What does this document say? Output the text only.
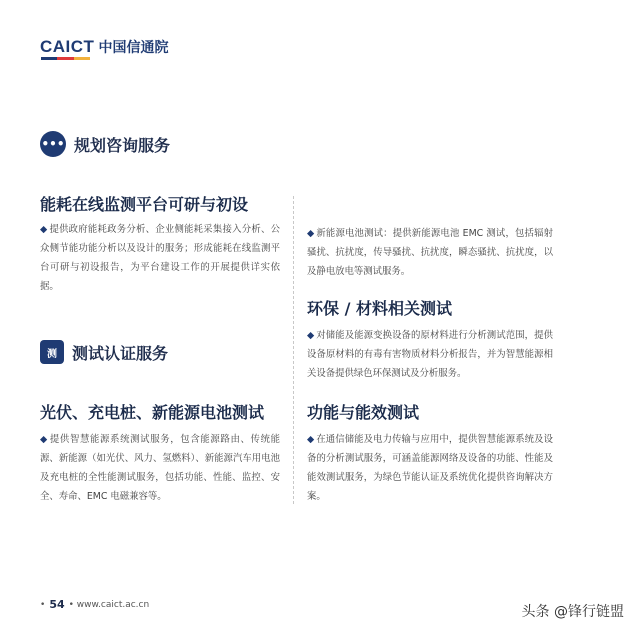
CAICT 中国信通院
••• 规划咨询服务
能耗在线监测平台可研与初设
◆ 提供政府能耗政务分析、企业侧能耗采集接入分析、公众侧节能功能分析以及设计的服务；形成能耗在线监测平台可研与初设报告，为平台建设工作的开展提供详实依据。
测 测试认证服务
光伏、充电桩、新能源电池测试
◆ 提供智慧能源系统测试服务，包含能源路由、传统能源、新能源（如光伏、风力、氢燃料）、新能源汽车用电池及充电桩的全性能测试服务，包括功能、性能、监控、安全、寿命、EMC 电磁兼容等。
◆ 新能源电池测试：提供新能源电池 EMC 测试，包括辐射骚扰、抗扰度，传导骚扰、抗扰度，瞬态骚扰、抗扰度，以及静电放电等测试服务。
环保 / 材料相关测试
◆ 对储能及能源变换设备的原材料进行分析测试范围，提供设备原材料的有毒有害物质材料分析报告，并为智慧能源相关设备提供绿色环保测试及分析服务。
功能与能效测试
◆ 在通信储能及电力传输与应用中，提供智慧能源系统及设备的分析测试服务，可涵盖能源网络及设备的功能、性能及能效测试服务，为绿色节能认证及系统优化提供咨询解决方案。
• 54 • www.caict.ac.cn	头条 @锋行链盟
